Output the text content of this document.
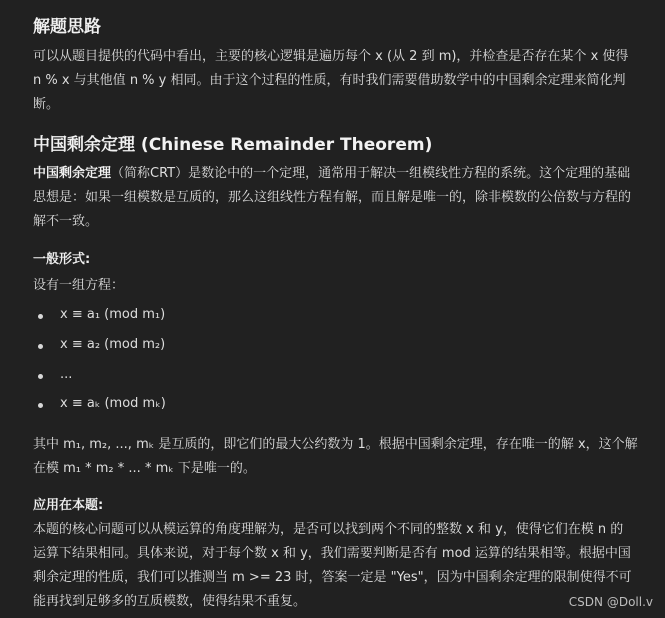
解题思路
可以从题目提供的代码中看出，主要的核心逻辑是遍历每个 x (从 2 到 m)，并检查是否存在某个 x 使得
n % x 与其他值 n % y 相同。由于这个过程的性质，有时我们需要借助数学中的中国剩余定理来简化判
断。
中国剩余定理 (Chinese Remainder Theorem)
中国剩余定理（简称CRT）是数论中的一个定理，通常用于解决一组模线性方程的系统。这个定理的基础
思想是：如果一组模数是互质的，那么这组线性方程有解，而且解是唯一的，除非模数的公倍数与方程的
解不一致。
一般形式:
设有一组方程：
x ≡ a₁ (mod m₁)
x ≡ a₂ (mod m₂)
...
x ≡ aₖ (mod mₖ)
其中 m₁, m₂, ..., mₖ 是互质的，即它们的最大公约数为 1。根据中国剩余定理，存在唯一的解 x，这个解
在模 m₁ * m₂ * ... * mₖ 下是唯一的。
应用在本题:
本题的核心问题可以从模运算的角度理解为，是否可以找到两个不同的整数 x 和 y，使得它们在模 n 的
运算下结果相同。具体来说，对于每个数 x 和 y，我们需要判断是否有 mod 运算的结果相等。根据中国
剩余定理的性质，我们可以推测当 m >= 23 时，答案一定是 "Yes"，因为中国剩余定理的限制使得不可
能再找到足够多的互质模数，使得结果不重复。	CSDN @Doll.v
